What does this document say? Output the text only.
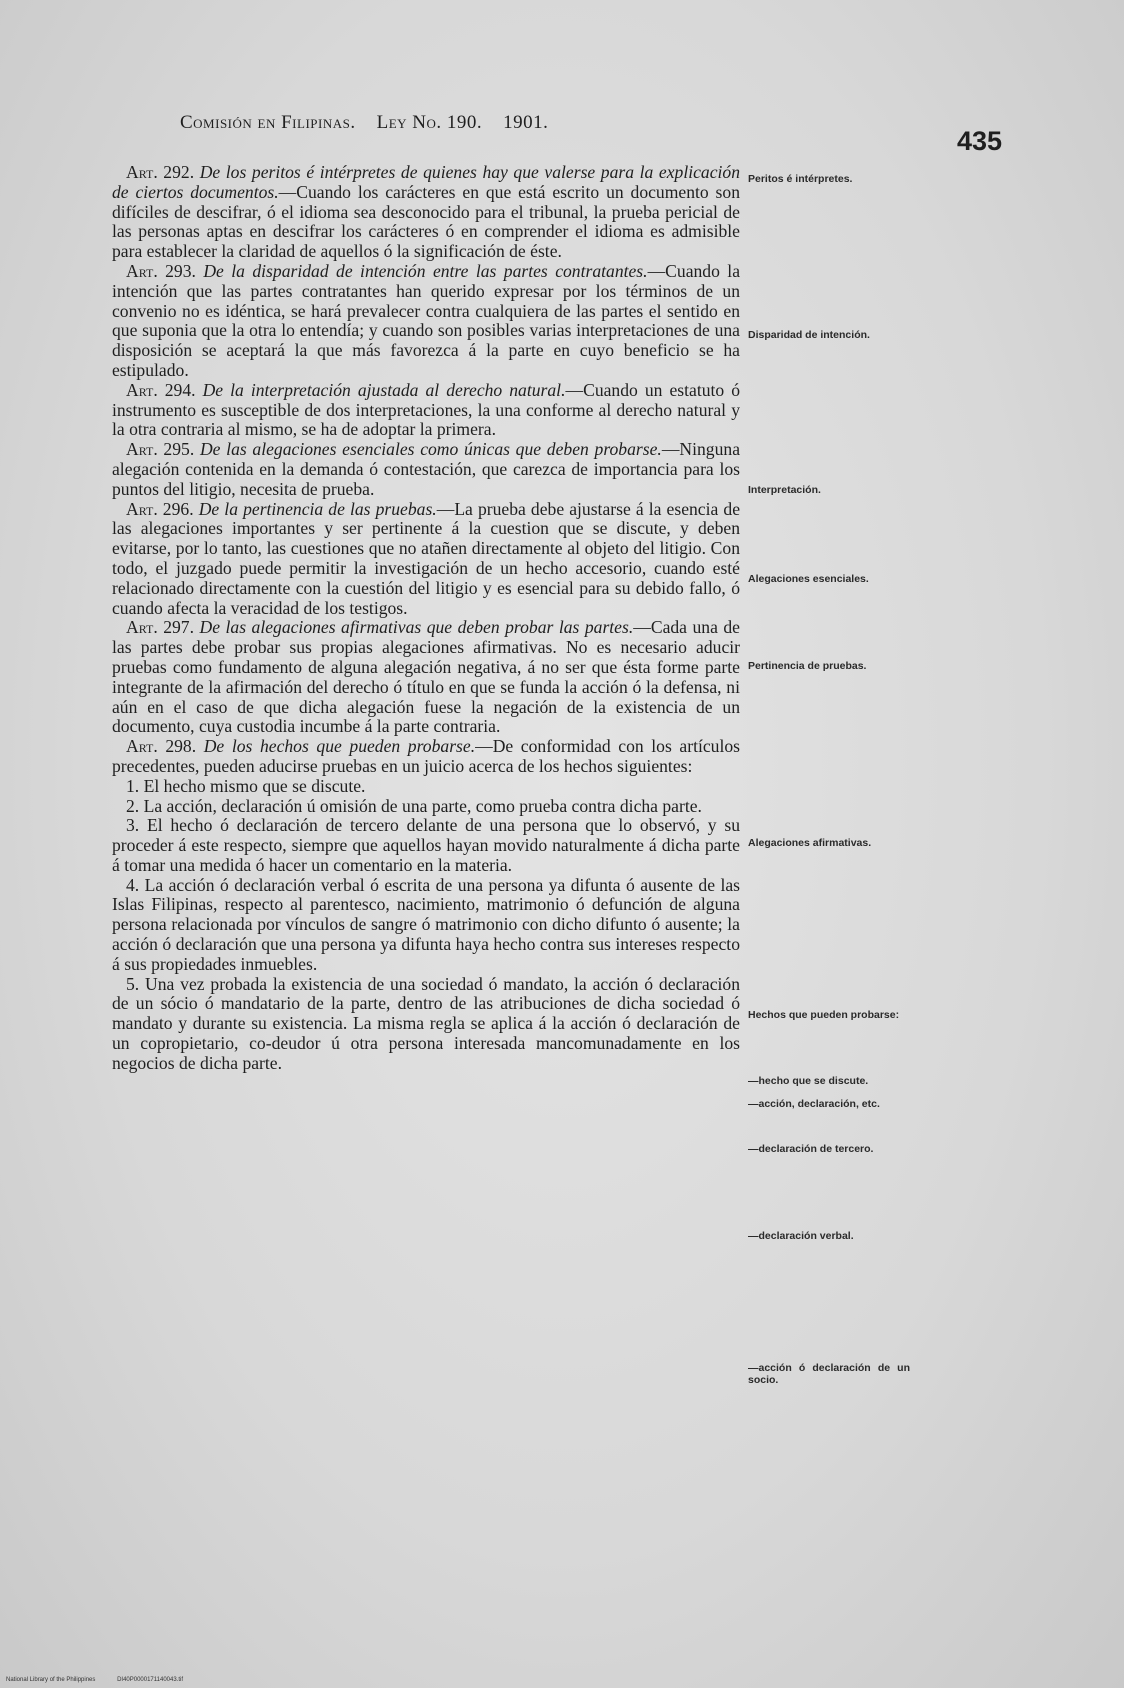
Comisión en Filipinas. Ley No. 190. 1901.
435

Art. 292. De los peritos é intérpretes de quienes hay que valerse para la explicación de ciertos documentos.—Cuando los carácteres en que está escrito un documento son difíciles de descifrar, ó el idioma sea desconocido para el tribunal, la prueba pericial de las personas aptas en descifrar los carácteres ó en comprender el idioma es admisible para establecer la claridad de aquellos ó la significación de éste.

Art. 293. De la disparidad de intención entre las partes contratantes.—Cuando la intención que las partes contratantes han querido expresar por los términos de un convenio no es idéntica, se hará prevalecer contra cualquiera de las partes el sentido en que suponia que la otra lo entendía; y cuando son posibles varias interpretaciones de una disposición se aceptará la que más favorezca á la parte en cuyo beneficio se ha estipulado.

Art. 294. De la interpretación ajustada al derecho natural.—Cuando un estatuto ó instrumento es susceptible de dos interpretaciones, la una conforme al derecho natural y la otra contraria al mismo, se ha de adoptar la primera.

Art. 295. De las alegaciones esenciales como únicas que deben probarse.—Ninguna alegación contenida en la demanda ó contestación, que carezca de importancia para los puntos del litigio, necesita de prueba.

Art. 296. De la pertinencia de las pruebas.—La prueba debe ajustarse á la esencia de las alegaciones importantes y ser pertinente á la cuestion que se discute, y deben evitarse, por lo tanto, las cuestiones que no atañen directamente al objeto del litigio. Con todo, el juzgado puede permitir la investigación de un hecho accesorio, cuando esté relacionado directamente con la cuestión del litigio y es esencial para su debido fallo, ó cuando afecta la veracidad de los testigos.

Art. 297. De las alegaciones afirmativas que deben probar las partes.—Cada una de las partes debe probar sus propias alegaciones afirmativas. No es necesario aducir pruebas como fundamento de alguna alegación negativa, á no ser que ésta forme parte integrante de la afirmación del derecho ó título en que se funda la acción ó la defensa, ni aún en el caso de que dicha alegación fuese la negación de la existencia de un documento, cuya custodia incumbe á la parte contraria.

Art. 298. De los hechos que pueden probarse.—De conformidad con los artículos precedentes, pueden aducirse pruebas en un juicio acerca de los hechos siguientes:

1. El hecho mismo que se discute.

2. La acción, declaración ú omisión de una parte, como prueba contra dicha parte.

3. El hecho ó declaración de tercero delante de una persona que lo observó, y su proceder á este respecto, siempre que aquellos hayan movido naturalmente á dicha parte á tomar una medida ó hacer un comentario en la materia.

4. La acción ó declaración verbal ó escrita de una persona ya difunta ó ausente de las Islas Filipinas, respecto al parentesco, nacimiento, matrimonio ó defunción de alguna persona relacionada por vínculos de sangre ó matrimonio con dicho difunto ó ausente; la acción ó declaración que una persona ya difunta haya hecho contra sus intereses respecto á sus propiedades inmuebles.

5. Una vez probada la existencia de una sociedad ó mandato, la acción ó declaración de un sócio ó mandatario de la parte, dentro de las atribuciones de dicha sociedad ó mandato y durante su existencia. La misma regla se aplica á la acción ó declaración de un copropietario, co-deudor ú otra persona interesada mancomunadamente en los negocios de dicha parte.

Peritos é intérpretes.
Disparidad de intención.
Interpretación.
Alegaciones esenciales.
Pertinencia de pruebas.
Alegaciones afirmativas.
Hechos que pueden probarse:
—hecho que se discute.
—acción, declaración, etc.
—declaración de tercero.
—declaración verbal.
—acción ó declaración de un socio.
National Library of the Philippines	DI40P0000171140043.tif
